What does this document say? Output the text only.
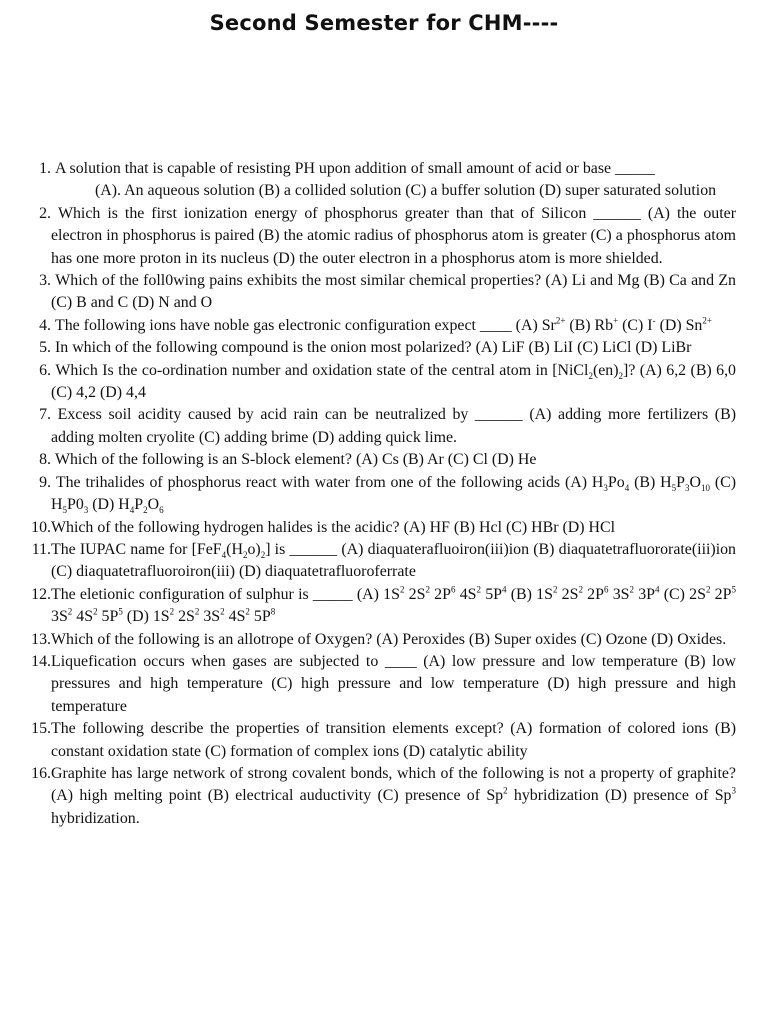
Second Semester for CHM----
1. A solution that is capable of resisting PH upon addition of small amount of acid or base _____
(A). An aqueous solution (B) a collided solution (C) a buffer solution (D) super saturated solution
2. Which is the first ionization energy of phosphorus greater than that of Silicon ______ (A) the outer electron in phosphorus is paired (B) the atomic radius of phosphorus atom is greater (C) a phosphorus atom has one more proton in its nucleus (D) the outer electron in a phosphorus atom is more shielded.
3. Which of the foll0wing pains exhibits the most similar chemical properties? (A) Li and Mg (B) Ca and Zn (C) B and C (D) N and O
4. The following ions have noble gas electronic configuration expect ____ (A) $Sr^{2+}$ (B) Rb+ (C) I- (D) $Sn^{2+}$
5. In which of the following compound is the onion most polarized? (A) LiF (B) LiI (C) LiCl (D) LiBr
6. Which Is the co-ordination number and oxidation state of the central atom in $[NiCl_2(en)_2]$? (A) 6,2 (B) 6,0 (C) 4,2 (D) 4,4
7. Excess soil acidity caused by acid rain can be neutralized by ______ (A) adding more fertilizers (B) adding molten cryolite (C) adding brime (D) adding quick lime.
8. Which of the following is an S-block element? (A) Cs (B) Ar (C) Cl (D) He
9. The trihalides of phosphorus react with water from one of the following acids (A) $H_3Po_4$ (B) $H_5P_3O_{10}$ (C) $H_5P0_3$ (D) $H_4P_2O_6$
10. Which of the following hydrogen halides is the acidic? (A) HF (B) Hcl (C) HBr (D) HCl
11. The IUPAC name for $[FeF_4(H_2o)_2]$ is ______ (A) diaquaterafluoiron(iii)ion (B) diaquatetrafluororate(iii)ion (C) diaquatetrafluoroiron(iii) (D) diaquatetrafluoroferrate
12. The eletionic configuration of sulphur is _____ (A) $1S^2$ $2S^2$ $2P^6$ $4S^2$ $5P^4$ (B) $1S^2$ $2S^2$ $2P^6$ $3S^2$ $3P^4$ (C) $2S^2$ $2P^5$ $3S^2$ $4S^2$ $5P^5$ (D) $1S^2$ $2S^2$ $3S^2$ $4S^2$ $5P^8$
13. Which of the following is an allotrope of Oxygen? (A) Peroxides (B) Super oxides (C) Ozone (D) Oxides.
14. Liquefication occurs when gases are subjected to ____ (A) low pressure and low temperature (B) low pressures and high temperature (C) high pressure and low temperature (D) high pressure and high temperature
15. The following describe the properties of transition elements except? (A) formation of colored ions (B) constant oxidation state (C) formation of complex ions (D) catalytic ability
16. Graphite has large network of strong covalent bonds, which of the following is not a property of graphite? (A) high melting point (B) electrical auductivity (C) presence of Sp$^2$ hybridization (D) presence of Sp$^3$ hybridization.
